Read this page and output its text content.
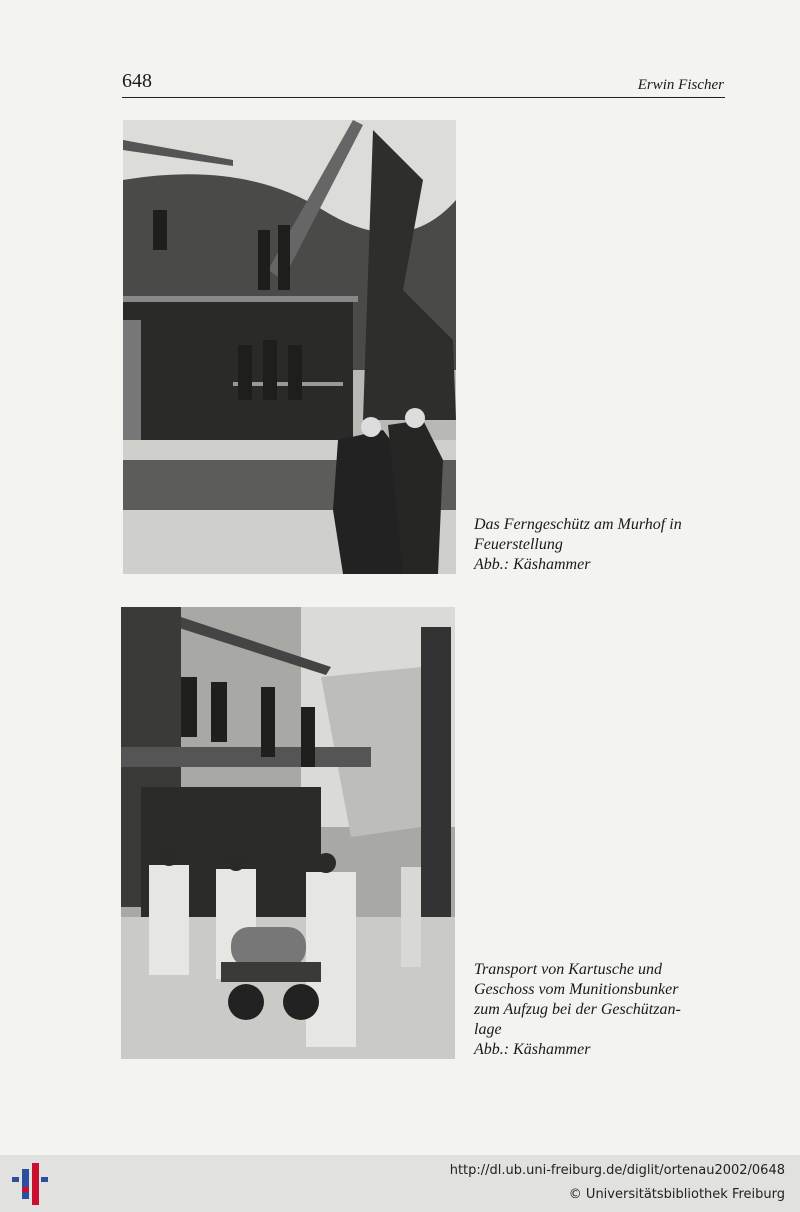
648	Erwin Fischer
Das Ferngeschütz am Murhof in
Feuerstellung
Abb.: Käshammer
Transport von Kartusche und
Geschoss vom Munitionsbunker
zum Aufzug bei der Geschützan-
lage
Abb.: Käshammer
http://dl.ub.uni-freiburg.de/diglit/ortenau2002/0648
© Universitätsbibliothek Freiburg
